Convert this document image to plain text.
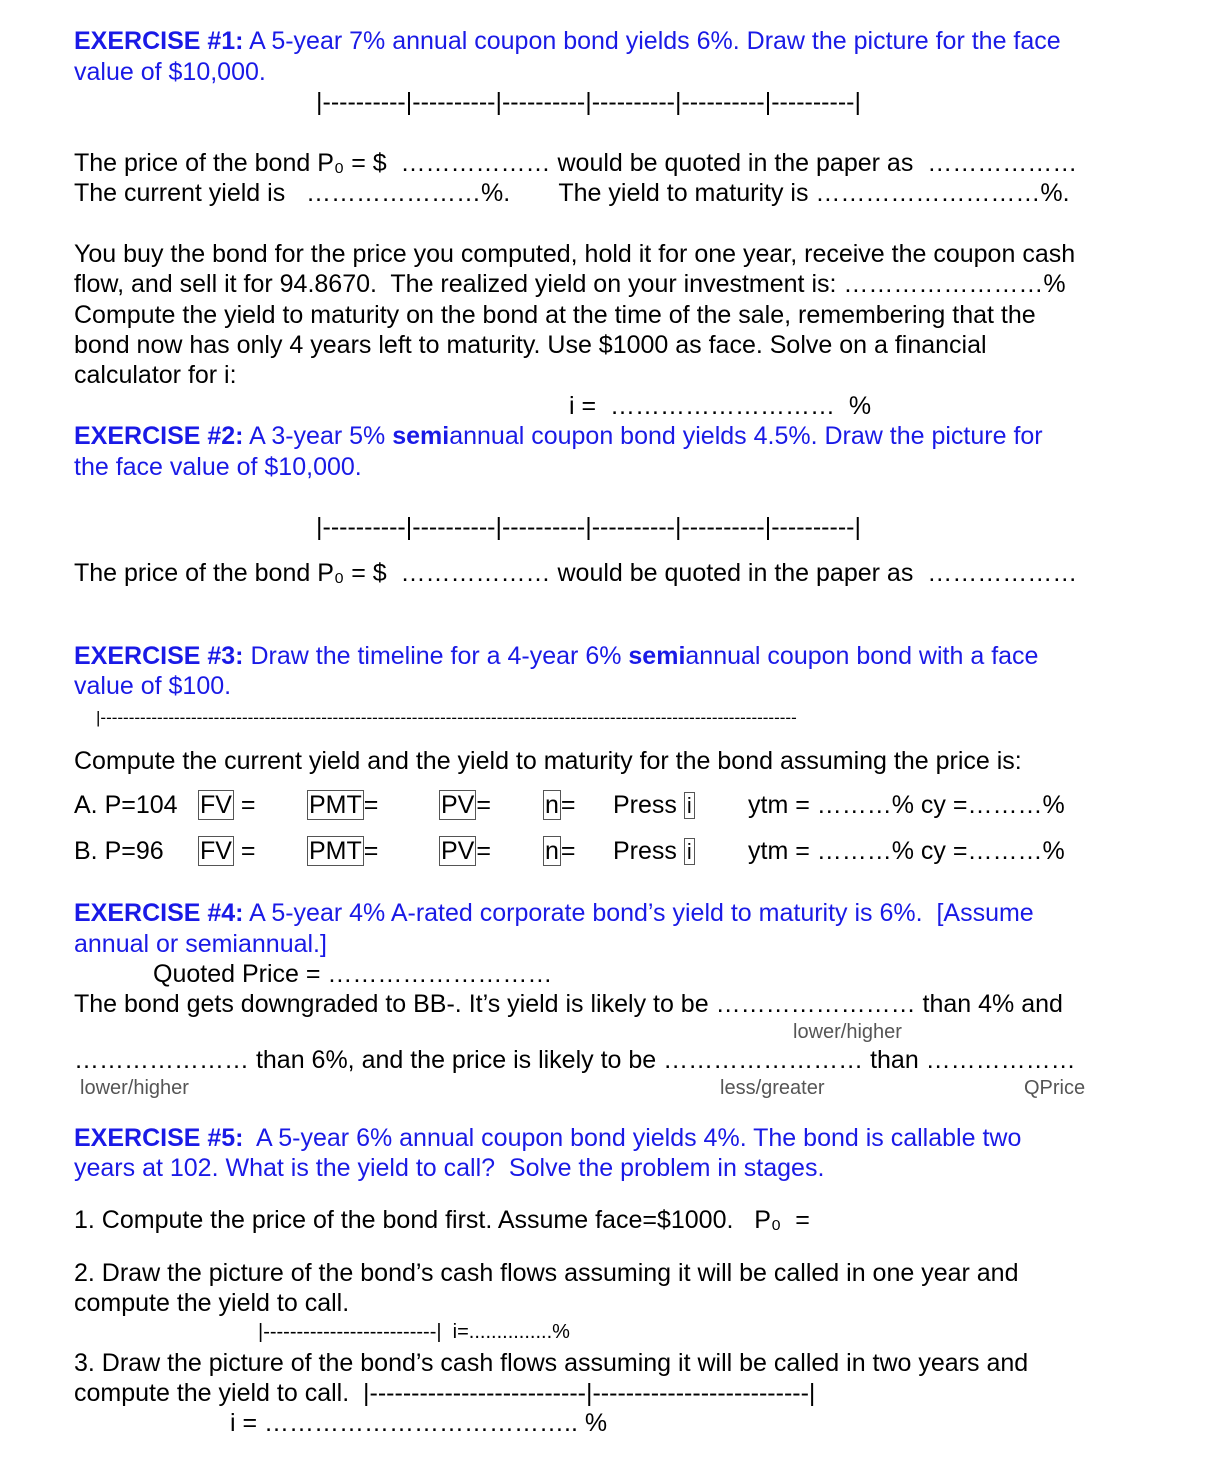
EXERCISE #1: A 5-year 7% annual coupon bond yields 6%. Draw the picture for the face
value of $10,000.
|----------|----------|----------|----------|----------|----------|
The price of the bond P₀ = $  ……………… would be quoted in the paper as  ………………
The current yield is   …………………%.       The yield to maturity is ………………………%.
You buy the bond for the price you computed, hold it for one year, receive the coupon cash
flow, and sell it for 94.8670.  The realized yield on your investment is: ……………………%
Compute the yield to maturity on the bond at the time of the sale, remembering that the
bond now has only 4 years left to maturity. Use $1000 as face. Solve on a financial
calculator for i:
i =  ………………………  %
EXERCISE #2: A 3-year 5% semiannual coupon bond yields 4.5%. Draw the picture for
the face value of $10,000.
|----------|----------|----------|----------|----------|----------|
The price of the bond P₀ = $  ……………… would be quoted in the paper as  ………………
EXERCISE #3: Draw the timeline for a 4-year 6% semiannual coupon bond with a face
value of $100.
|---------------------------------------------------------------------------------------------------------------------------
Compute the current yield and the yield to maturity for the bond assuming the price is:
A. P=104 FV = PMT=	PV= n= Press i ytm = ………% cy =………%
B. P=96 FV = PMT=	PV= n= Press i ytm = ………% cy =………%
EXERCISE #4: A 5-year 4% A-rated corporate bond’s yield to maturity is 6%.  [Assume
annual or semiannual.]
Quoted Price = ………………………
The bond gets downgraded to BB-. It’s yield is likely to be …………………… than 4% and
lower/higher
………………… than 6%, and the price is likely to be …………………… than ………………
lower/higher	less/greater	QPrice
EXERCISE #5:  A 5-year 6% annual coupon bond yields 4%. The bond is callable two
years at 102. What is the yield to call?  Solve the problem in stages.
1. Compute the price of the bond first. Assume face=$1000.   P₀  =
2. Draw the picture of the bond’s cash flows assuming it will be called in one year and
compute the yield to call.
|--------------------------|  i=...............%
3. Draw the picture of the bond’s cash flows assuming it will be called in two years and
compute the yield to call.  |--------------------------|--------------------------|
i = ……………………………….. %
